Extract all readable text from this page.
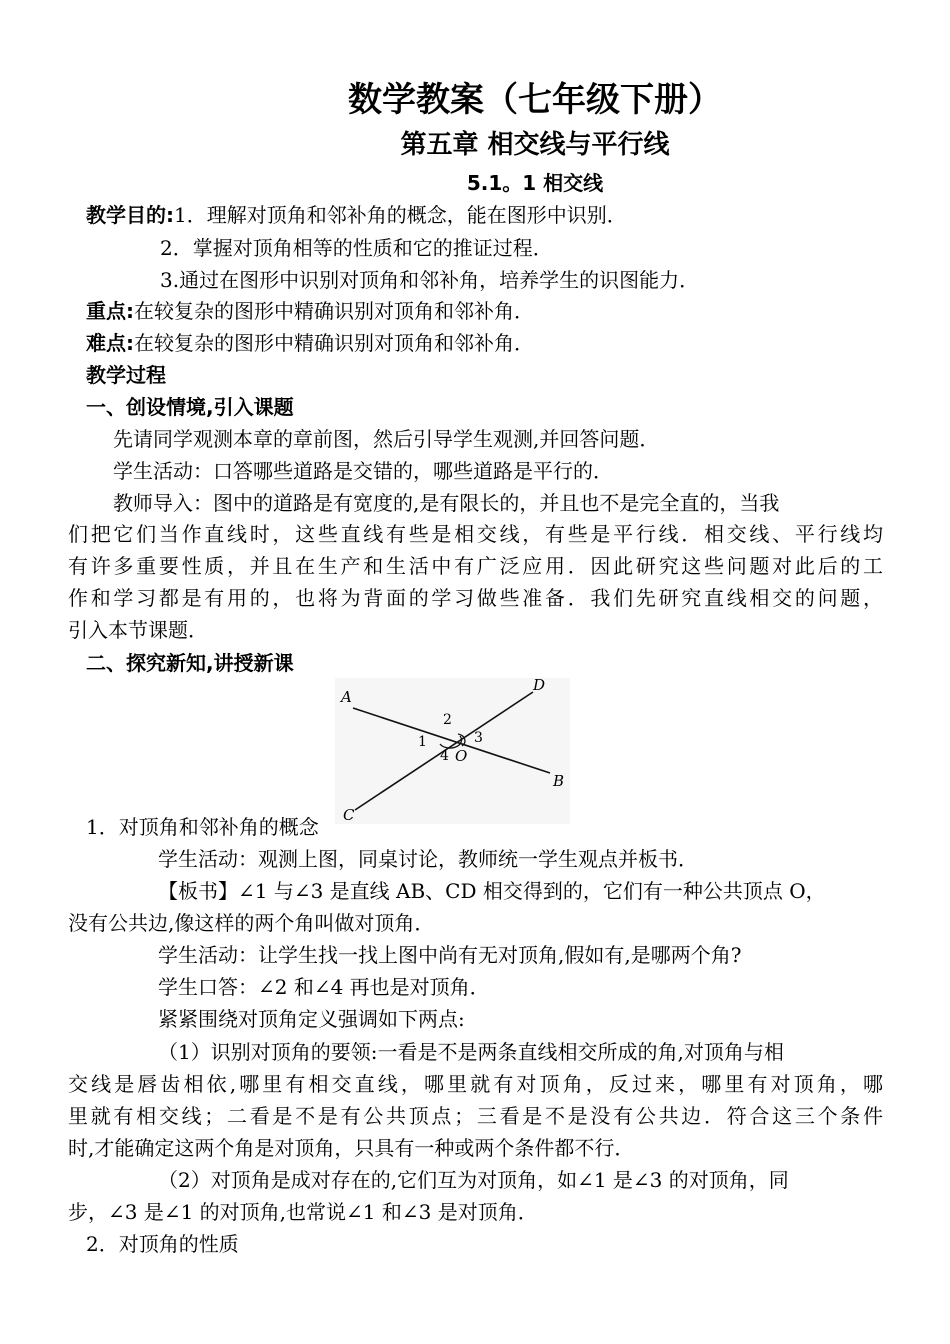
数学教案（七年级下册）
第五章 相交线与平行线
5.1。1 相交线
教学目的:1．理解对顶角和邻补角的概念，能在图形中识别．
2．掌握对顶角相等的性质和它的推证过程．
3.通过在图形中识别对顶角和邻补角，培养学生的识图能力．
重点:在较复杂的图形中精确识别对顶角和邻补角．
难点:在较复杂的图形中精确识别对顶角和邻补角．
教学过程
一、创设情境,引入课题
先请同学观测本章的章前图，然后引导学生观测,并回答问题．
学生活动：口答哪些道路是交错的，哪些道路是平行的．
教师导入：图中的道路是有宽度的,是有限长的，并且也不是完全直的，当我
们把它们当作直线时，这些直线有些是相交线，有些是平行线．相交线、平行线均
有许多重要性质，并且在生产和生活中有广泛应用．因此研究这些问题对此后的工
作和学习都是有用的，也将为背面的学习做些准备．我们先研究直线相交的问题，
引入本节课题．
二、探究新知,讲授新课
A
D
B
C
O
1
2
3
4
1．对顶角和邻补角的概念
学生活动：观测上图，同桌讨论，教师统一学生观点并板书．
【板书】∠1 与∠3 是直线 AB、CD 相交得到的，它们有一种公共顶点 O，
没有公共边,像这样的两个角叫做对顶角．
学生活动：让学生找一找上图中尚有无对顶角,假如有,是哪两个角?
学生口答：∠2 和∠4 再也是对顶角．
紧紧围绕对顶角定义强调如下两点:
（1）识别对顶角的要领:一看是不是两条直线相交所成的角,对顶角与相
交线是唇齿相依,哪里有相交直线，哪里就有对顶角，反过来，哪里有对顶角，哪
里就有相交线；二看是不是有公共顶点；三看是不是没有公共边．符合这三个条件
时,才能确定这两个角是对顶角，只具有一种或两个条件都不行．
（2）对顶角是成对存在的,它们互为对顶角，如∠1 是∠3 的对顶角，同
步，∠3 是∠1 的对顶角,也常说∠1 和∠3 是对顶角．
2．对顶角的性质
